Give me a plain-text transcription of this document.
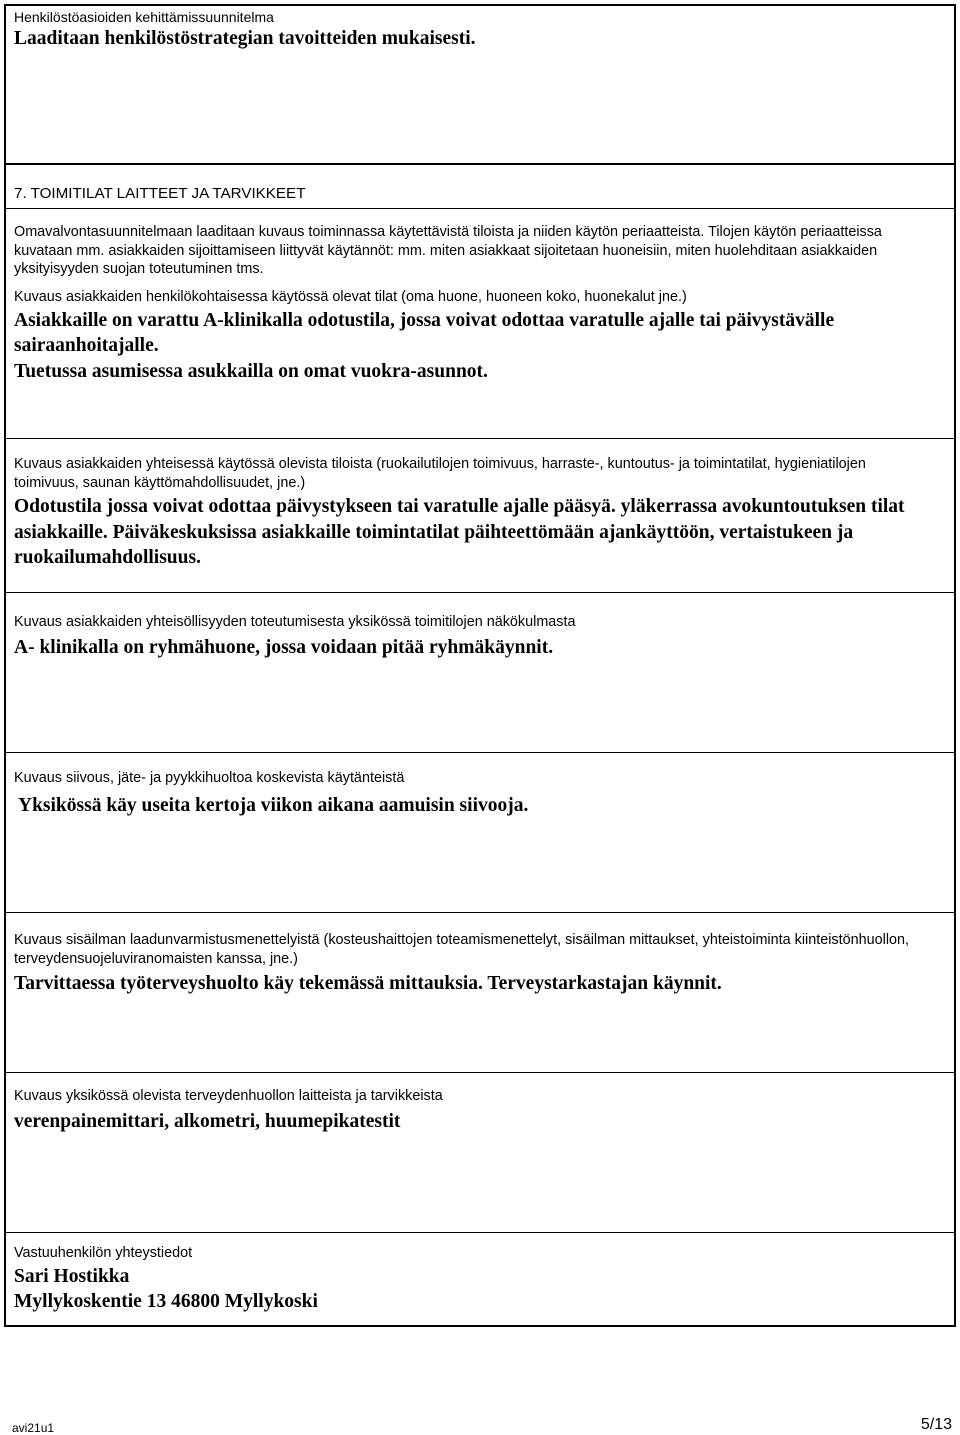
Henkilöstöasioiden kehittämissuunnitelma

Laaditaan henkilöstöstrategian tavoitteiden mukaisesti.

7. TOIMITILAT LAITTEET JA TARVIKKEET

Omavalvontasuunnitelmaan laaditaan kuvaus toiminnassa käytettävistä tiloista ja niiden käytön periaatteista. Tilojen käytön periaatteissa kuvataan mm. asiakkaiden sijoittamiseen liittyvät käytännöt: mm. miten asiakkaat sijoitetaan huoneisiin, miten huolehditaan asiakkaiden yksityisyyden suojan toteutuminen tms.

Kuvaus asiakkaiden henkilökohtaisessa käytössä olevat tilat (oma huone, huoneen koko, huonekalut jne.)

Asiakkaille on varattu A-klinikalla odotustila, jossa voivat odottaa varatulle ajalle tai päivystävälle sairaanhoitajalle.

Tuetussa asumisessa asukkailla on omat vuokra-asunnot.

Kuvaus asiakkaiden yhteisessä käytössä olevista tiloista (ruokailutilojen toimivuus, harraste-, kuntoutus- ja toimintatilat, hygieniatilojen toimivuus, saunan käyttömahdollisuudet, jne.)

Odotustila jossa voivat odottaa päivystykseen tai varatulle ajalle pääsyä. yläkerrassa avokuntoutuksen tilat asiakkaille. Päiväkeskuksissa asiakkaille toimintatilat päihteettömään ajankäyttöön, vertaistukeen ja ruokailumahdollisuus.

Kuvaus asiakkaiden yhteisöllisyyden toteutumisesta yksikössä toimitilojen näkökulmasta

A- klinikalla on ryhmähuone, jossa voidaan pitää ryhmäkäynnit.

Kuvaus siivous, jäte- ja pyykkihuoltoa koskevista käytänteistä

Yksikössä käy useita kertoja viikon aikana aamuisin siivooja.

Kuvaus sisäilman laadunvarmistusmenettelyistä (kosteushaittojen toteamismenettelyt, sisäilman mittaukset, yhteistoiminta kiinteistönhuollon, terveydensuojeluviranomaisten kanssa, jne.)

Tarvittaessa työterveyshuolto käy tekemässä mittauksia. Terveystarkastajan käynnit.

Kuvaus yksikössä olevista terveydenhuollon laitteista ja tarvikkeista

verenpainemittari, alkometri, huumepikatestit

Vastuuhenkilön yhteystiedot

Sari Hostikka

Myllykoskentie 13 46800 Myllykoski

avi21u1	5/13
